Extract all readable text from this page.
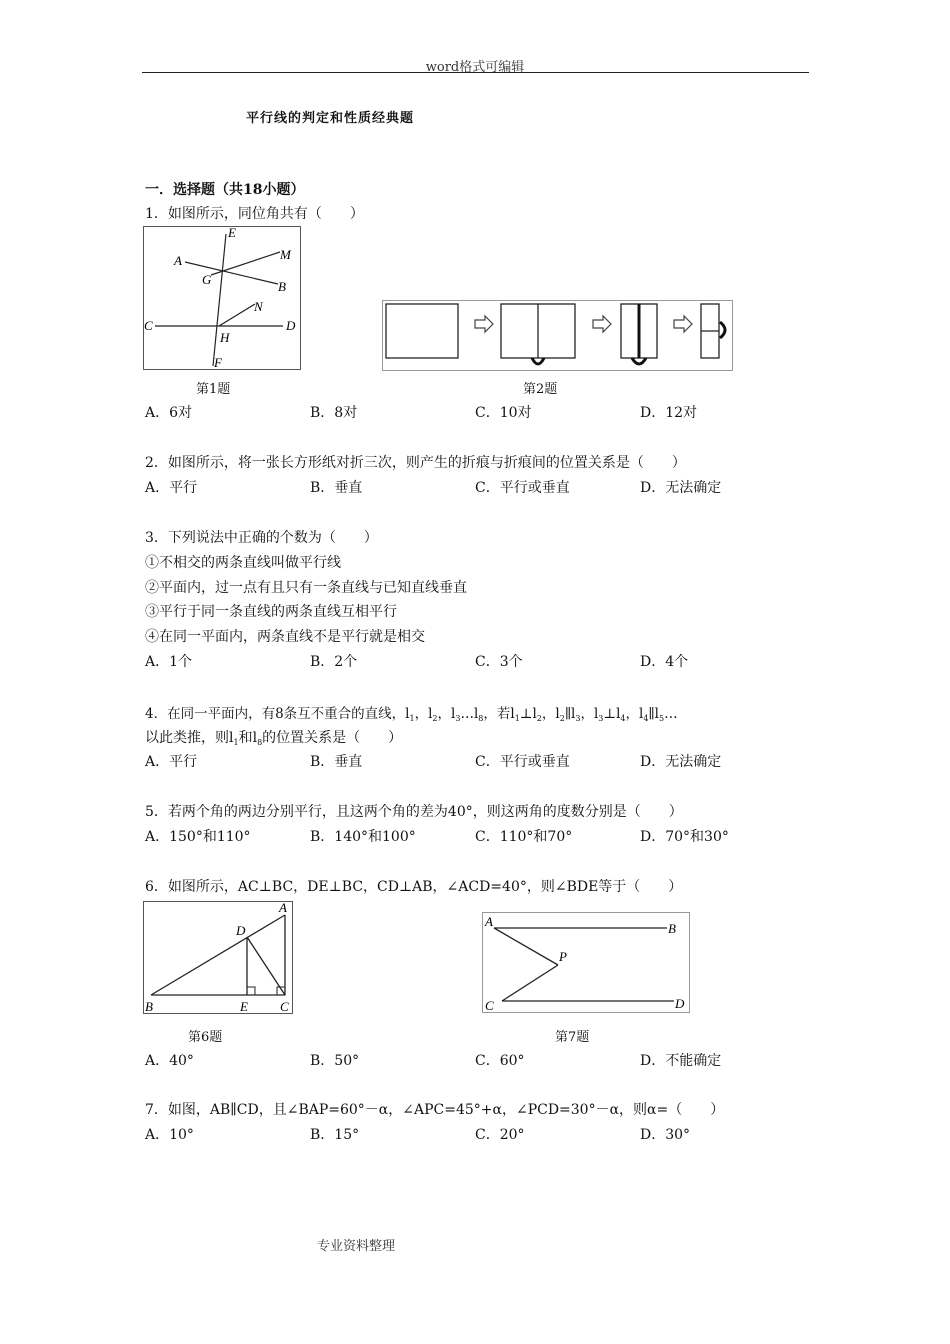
word格式可编辑
平行线的判定和性质经典题
一．选择题（共18小题）
1．如图所示，同位角共有（　　）
E
A	M
G	B
N
C
H
D
F
第1题	第2题
A．6对	B．8对	C．10对	D．12对
2．如图所示，将一张长方形纸对折三次，则产生的折痕与折痕间的位置关系是（　　）
A．平行	B．垂直	C．平行或垂直	D．无法确定
3．下列说法中正确的个数为（　　）
①不相交的两条直线叫做平行线
②平面内，过一点有且只有一条直线与已知直线垂直
③平行于同一条直线的两条直线互相平行
④在同一平面内，两条直线不是平行就是相交
A．1个	B．2个	C．3个	D．4个
4．在同一平面内，有8条互不重合的直线，$l_1$，$l_2$，$l_3\dots l_8$，若$l_1\perp l_2$，$l_2\parallel l_3$，$l_3\perp l_4$，$l_4\parallel l_5\dots$
以此类推，则$l_1$和$l_8$的位置关系是（　　）
A．平行	B．垂直	C．平行或垂直	D．无法确定
5．若两个角的两边分别平行，且这两个角的差为40°，则这两角的度数分别是（　　）
A．150°和110°	B．140°和100°	C．110°和70°	D．70°和30°
6．如图所示，AC⊥BC，DE⊥BC，CD⊥AB，∠ACD=40°，则∠BDE等于（　　）
A
D
B	E C
A	B
P
C	D
第6题	第7题
A．40°	B．50°	C．60°	D．不能确定
7．如图，AB∥CD，且∠BAP=60°－α，∠APC=45°+α，∠PCD=30°－α，则α=（　　）
A．10°	B．15°	C．20°	D．30°
专业资料整理
